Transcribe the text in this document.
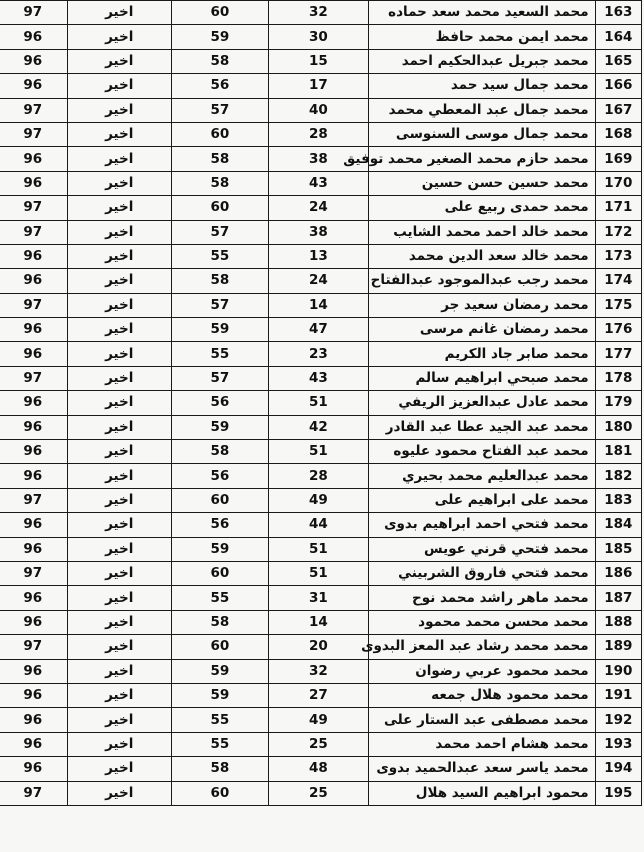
163	محمد السعيد محمد سعد حماده	32	60	اخير	97
164	محمد ايمن محمد حافظ	30	59	اخير	96
165	محمد جبريل عبدالحكيم احمد	15	58	اخير	96
166	محمد جمال سيد حمد	17	56	اخير	96
167	محمد جمال عبد المعطي محمد	40	57	اخير	97
168	محمد جمال موسى السنوسى	28	60	اخير	97
169	محمد حازم محمد الصغير محمد توفيق	38	58	اخير	96
170	محمد حسين حسن حسين	43	58	اخير	96
171	محمد حمدى ربيع على	24	60	اخير	97
172	محمد خالد احمد محمد الشايب	38	57	اخير	97
173	محمد خالد سعد الدين محمد	13	55	اخير	96
174	محمد رجب عبدالموجود عبدالفتاح	24	58	اخير	96
175	محمد رمضان سعيد جر	14	57	اخير	97
176	محمد رمضان غانم مرسى	47	59	اخير	96
177	محمد صابر جاد الكريم	23	55	اخير	96
178	محمد صبحي ابراهيم سالم	43	57	اخير	97
179	محمد عادل عبدالعزيز الريفي	51	56	اخير	96
180	محمد عبد الجيد عطا عبد القادر	42	59	اخير	96
181	محمد عبد الفتاح محمود عليوه	51	58	اخير	96
182	محمد عبدالعليم محمد بحيري	28	56	اخير	96
183	محمد على ابراهيم على	49	60	اخير	97
184	محمد فتحي احمد ابراهيم بدوى	44	56	اخير	96
185	محمد فتحي قرني عويس	51	59	اخير	96
186	محمد فتحي فاروق الشربيني	51	60	اخير	97
187	محمد ماهر راشد محمد نوح	31	55	اخير	96
188	محمد محسن محمد محمود	14	58	اخير	96
189	محمد محمد رشاد عبد المعز البدوى	20	60	اخير	97
190	محمد محمود عربي رضوان	32	59	اخير	96
191	محمد محمود هلال جمعه	27	59	اخير	96
192	محمد مصطفى عبد الستار على	49	55	اخير	96
193	محمد هشام احمد محمد	25	55	اخير	96
194	محمد ياسر سعد عبدالحميد بدوى	48	58	اخير	96
195	محمود ابراهيم السيد هلال	25	60	اخير	97
